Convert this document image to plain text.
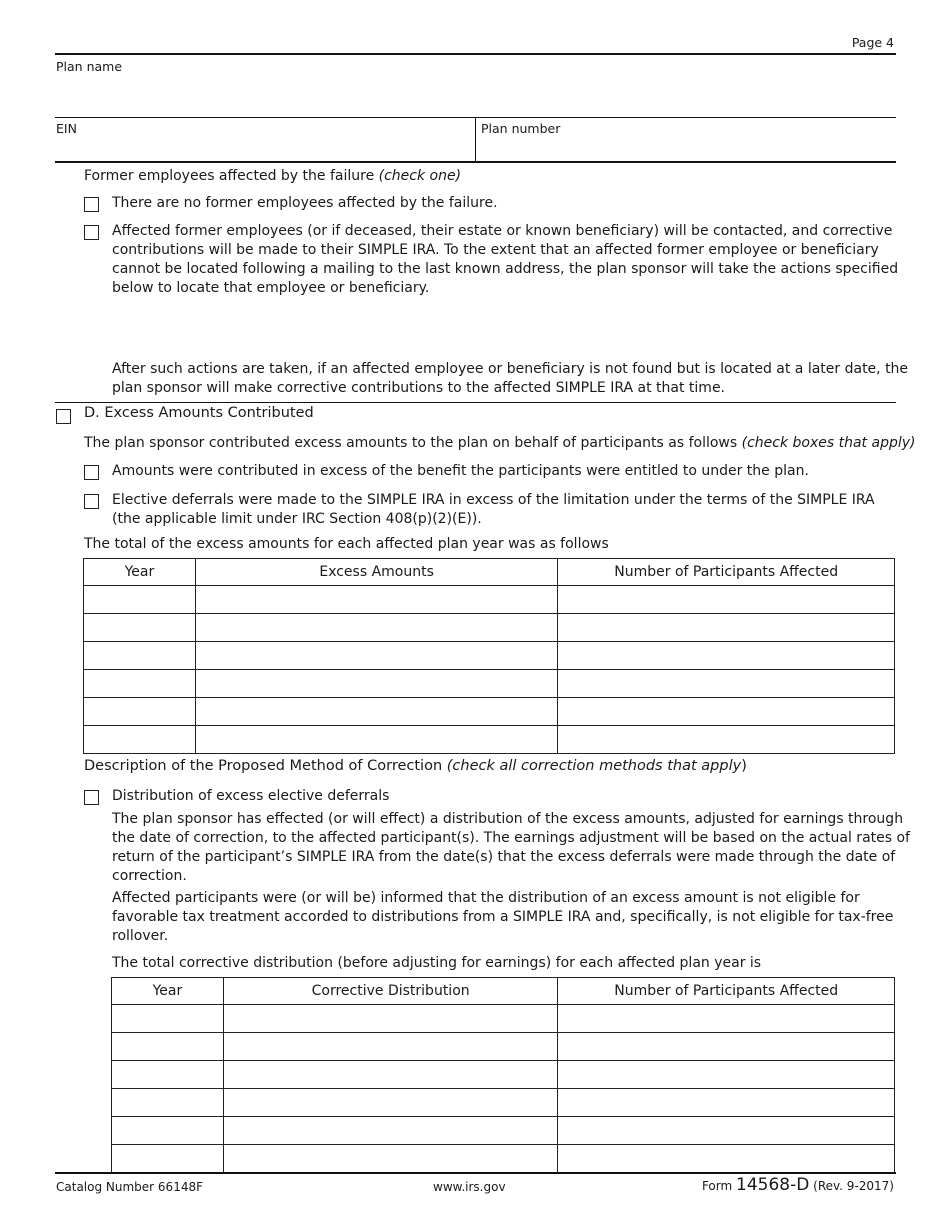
Page 4
Plan name
EIN	Plan number
Former employees affected by the failure (check one)
There are no former employees affected by the failure.
Affected former employees (or if deceased, their estate or known beneficiary) will be contacted, and corrective
contributions will be made to their SIMPLE IRA. To the extent that an affected former employee or beneficiary
cannot be located following a mailing to the last known address, the plan sponsor will take the actions specified
below to locate that employee or beneficiary.
After such actions are taken, if an affected employee or beneficiary is not found but is located at a later date, the
plan sponsor will make corrective contributions to the affected SIMPLE IRA at that time.
D. Excess Amounts Contributed
The plan sponsor contributed excess amounts to the plan on behalf of participants as follows (check boxes that apply)
Amounts were contributed in excess of the benefit the participants were entitled to under the plan.
Elective deferrals were made to the SIMPLE IRA in excess of the limitation under the terms of the SIMPLE IRA
(the applicable limit under IRC Section 408(p)(2)(E)).
The total of the excess amounts for each affected plan year was as follows
Year	Excess Amounts	Number of Participants Affected

Description of the Proposed Method of Correction (check all correction methods that apply)
Distribution of excess elective deferrals
The plan sponsor has effected (or will effect) a distribution of the excess amounts, adjusted for earnings through
the date of correction, to the affected participant(s). The earnings adjustment will be based on the actual rates of
return of the participant’s SIMPLE IRA from the date(s) that the excess deferrals were made through the date of
correction.
Affected participants were (or will be) informed that the distribution of an excess amount is not eligible for
favorable tax treatment accorded to distributions from a SIMPLE IRA and, specifically, is not eligible for tax-free
rollover.
The total corrective distribution (before adjusting for earnings) for each affected plan year is
Year	Corrective Distribution	Number of Participants Affected

Catalog Number 66148F	www.irs.gov	Form 14568-D (Rev. 9-2017)
